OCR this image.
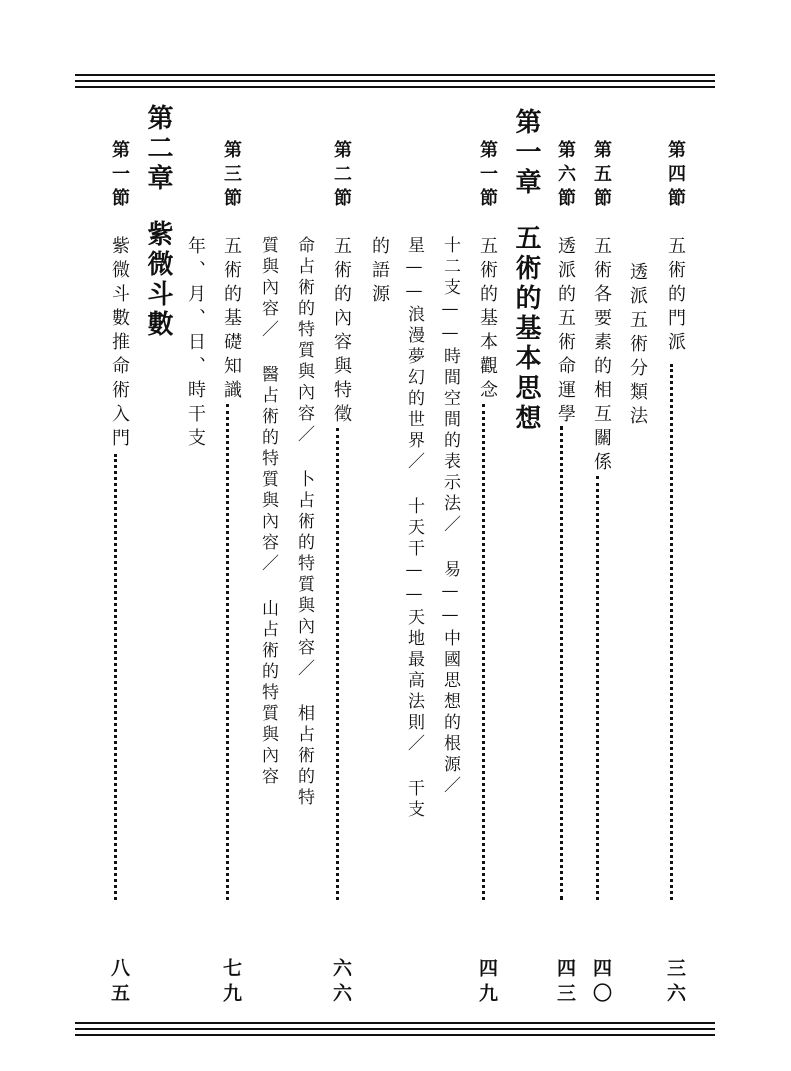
第四節
五術的門派
三六
透派五術分類法
第五節
五術各要素的相互關係
四〇
第六節
透派的五術命運學
四三
第一章
五術的基本思想
第一節
五術的基本觀念
四九
十二支——時間空間的表示法／ 易——中國思想的根源／
星——浪漫夢幻的世界／ 十天干——天地最高法則／ 干支
的語源
第二節
五術的內容與特徵
六六
命占術的特質與內容／ 卜占術的特質與內容／ 相占術的特
質與內容／ 醫占術的特質與內容／ 山占術的特質與內容
第三節
五術的基礎知識
七九
年、月、日、時干支
第二章
紫微斗數
第一節
紫微斗數推命術入門
八五
